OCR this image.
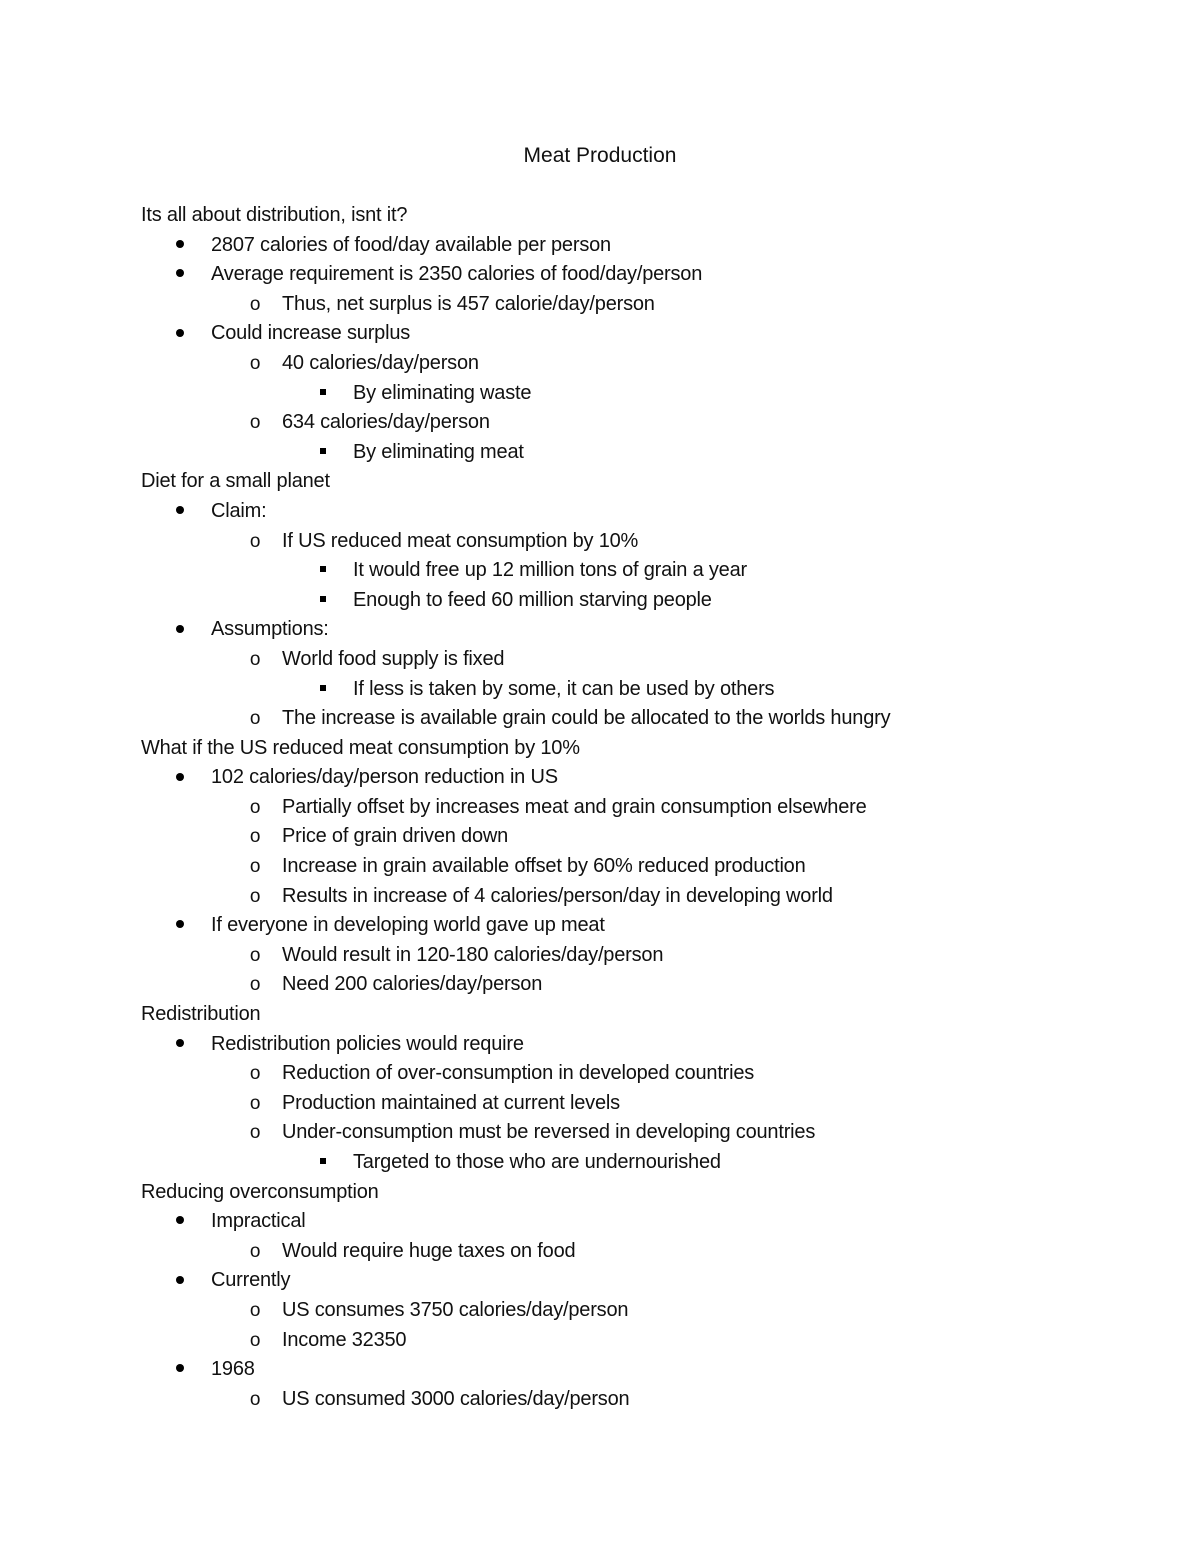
Meat Production
Its all about distribution, isnt it?
2807 calories of food/day available per person
Average requirement is 2350 calories of food/day/person
o Thus, net surplus is 457 calorie/day/person
Could increase surplus
o 40 calories/day/person
By eliminating waste
o 634 calories/day/person
By eliminating meat
Diet for a small planet
Claim:
o If US reduced meat consumption by 10%
It would free up 12 million tons of grain a year
Enough to feed 60 million starving people
Assumptions:
o World food supply is fixed
If less is taken by some, it can be used by others
o The increase is available grain could be allocated to the worlds hungry
What if the US reduced meat consumption by 10%
102 calories/day/person reduction in US
o Partially offset by increases meat and grain consumption elsewhere
o Price of grain driven down
o Increase in grain available offset by 60% reduced production
o Results in increase of 4 calories/person/day in developing world
If everyone in developing world gave up meat
o Would result in 120-180 calories/day/person
o Need 200 calories/day/person
Redistribution
Redistribution policies would require
o Reduction of over-consumption in developed countries
o Production maintained at current levels
o Under-consumption must be reversed in developing countries
Targeted to those who are undernourished
Reducing overconsumption
Impractical
o Would require huge taxes on food
Currently
o US consumes 3750 calories/day/person
o Income 32350
1968
o US consumed 3000 calories/day/person
